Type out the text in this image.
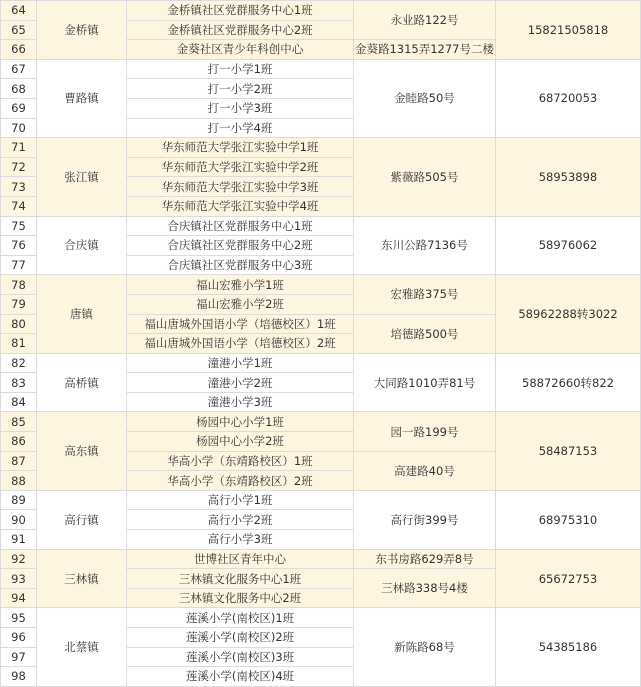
64	金桥镇	金桥镇社区党群服务中心1班	永业路122号	15821505818
65		金桥镇社区党群服务中心2班		
66		金葵社区青少年科创中心	金葵路1315弄1277号二楼	
67	曹路镇	打一小学1班	金睦路50号	68720053
68		打一小学2班		
69		打一小学3班		
70		打一小学4班		
71	张江镇	华东师范大学张江实验中学1班	紫薇路505号	58953898
72		华东师范大学张江实验中学2班		
73		华东师范大学张江实验中学3班		
74		华东师范大学张江实验中学4班		
75	合庆镇	合庆镇社区党群服务中心1班	东川公路7136号	58976062
76		合庆镇社区党群服务中心2班		
77		合庆镇社区党群服务中心3班		
78	唐镇	福山宏雅小学1班	宏雅路375号	58962288转3022
79		福山宏雅小学2班		
80		福山唐城外国语小学（培德校区）1班	培德路500号	
81		福山唐城外国语小学（培德校区）2班		
82	高桥镇	潼港小学1班	大同路1010弄81号	58872660转822
83		潼港小学2班		
84		潼港小学3班		
85	高东镇	杨园中心小学1班	园一路199号	58487153
86		杨园中心小学2班		
87		华高小学（东靖路校区）1班	高建路40号	
88		华高小学（东靖路校区）2班		
89	高行镇	高行小学1班	高行街399号	68975310
90		高行小学2班		
91		高行小学3班		
92	三林镇	世博社区青年中心	东书房路629弄8号	65672753
93		三林镇文化服务中心1班	三林路338号4楼	
94		三林镇文化服务中心2班		
95	北蔡镇	莲溪小学(南校区)1班	新陈路68号	54385186
96		莲溪小学(南校区)2班		
97		莲溪小学(南校区)3班		
98		莲溪小学(南校区)4班		
